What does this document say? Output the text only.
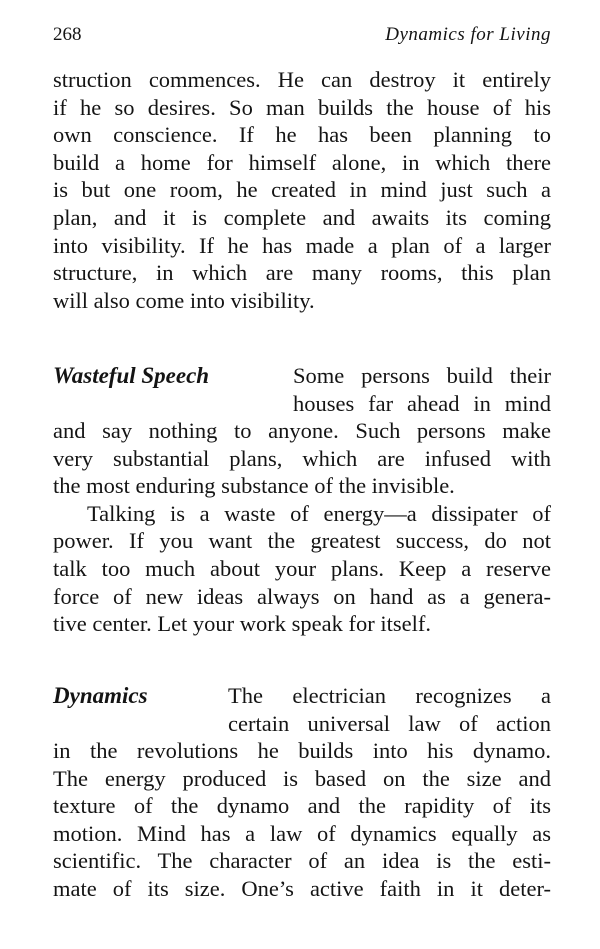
268	Dynamics for Living
struction commences. He can destroy it entirely
if he so desires. So man builds the house of his
own conscience. If he has been planning to
build a home for himself alone, in which there
is but one room, he created in mind just such a
plan, and it is complete and awaits its coming
into visibility. If he has made a plan of a larger
structure, in which are many rooms, this plan
will also come into visibility.
Wasteful Speech	Some persons build their
houses far ahead in mind
and say nothing to anyone. Such persons make
very substantial plans, which are infused with
the most enduring substance of the invisible.
Talking is a waste of energy—a dissipater of
power. If you want the greatest success, do not
talk too much about your plans. Keep a reserve
force of new ideas always on hand as a genera-
tive center. Let your work speak for itself.
Dynamics	The electrician recognizes a
certain universal law of action
in the revolutions he builds into his dynamo.
The energy produced is based on the size and
texture of the dynamo and the rapidity of its
motion. Mind has a law of dynamics equally as
scientific. The character of an idea is the esti-
mate of its size. One’s active faith in it deter-
